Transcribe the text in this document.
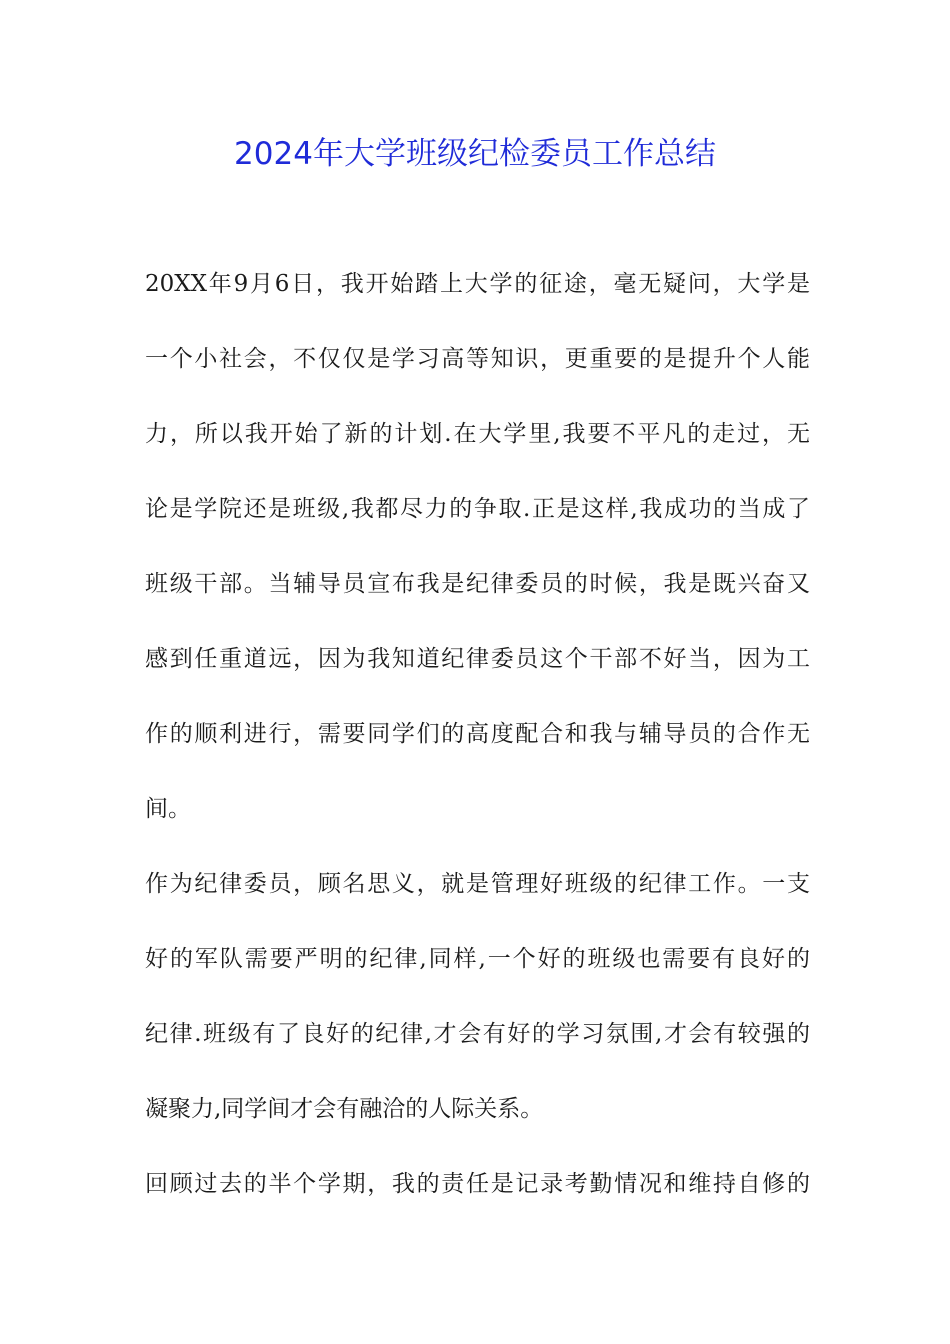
2024年大学班级纪检委员工作总结
20XX年9月6日，我开始踏上大学的征途，毫无疑问，大学是
一个小社会，不仅仅是学习高等知识，更重要的是提升个人能
力，所以我开始了新的计划.在大学里,我要不平凡的走过，无
论是学院还是班级,我都尽力的争取.正是这样,我成功的当成了
班级干部。当辅导员宣布我是纪律委员的时候，我是既兴奋又
感到任重道远，因为我知道纪律委员这个干部不好当，因为工
作的顺利进行，需要同学们的高度配合和我与辅导员的合作无
间。
作为纪律委员，顾名思义，就是管理好班级的纪律工作。一支
好的军队需要严明的纪律,同样,一个好的班级也需要有良好的
纪律.班级有了良好的纪律,才会有好的学习氛围,才会有较强的
凝聚力,同学间才会有融洽的人际关系。
回顾过去的半个学期，我的责任是记录考勤情况和维持自修的
